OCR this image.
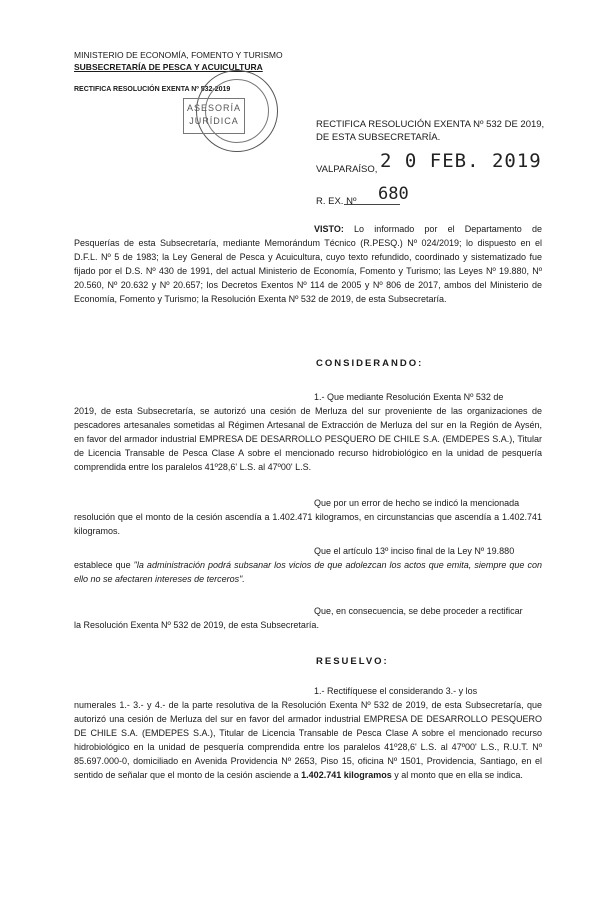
MINISTERIO DE ECONOMÍA, FOMENTO Y TURISMO
SUBSECRETARÍA DE PESCA Y ACUICULTURA
RECTIFICA RESOLUCIÓN EXENTA Nº 532-2019
ASESORÍA JURÍDICA	RECTIFICA RESOLUCIÓN EXENTA Nº 532 DE 2019, DE ESTA SUBSECRETARÍA.
VALPARAÍSO, 2 0 FEB. 2019
R. EX. Nº 680
VISTO: Lo informado por el Departamento de Pesquerías de esta Subsecretaría, mediante Memorándum Técnico (R.PESQ.) Nº 024/2019; lo dispuesto en el D.F.L. Nº 5 de 1983; la Ley General de Pesca y Acuicultura, cuyo texto refundido, coordinado y sistematizado fue fijado por el D.S. Nº 430 de 1991, del actual Ministerio de Economía, Fomento y Turismo; las Leyes Nº 19.880, Nº 20.560, Nº 20.632 y Nº 20.657; los Decretos Exentos Nº 114 de 2005 y Nº 806 de 2017, ambos del Ministerio de Economía, Fomento y Turismo; la Resolución Exenta Nº 532 de 2019, de esta Subsecretaría.
CONSIDERANDO:
1.- Que mediante Resolución Exenta Nº 532 de
2019, de esta Subsecretaría, se autorizó una cesión de Merluza del sur proveniente de las organizaciones de pescadores artesanales sometidas al Régimen Artesanal de Extracción de Merluza del sur en la Región de Aysén, en favor del armador industrial EMPRESA DE DESARROLLO PESQUERO DE CHILE S.A. (EMDEPES S.A.), Titular de Licencia Transable de Pesca Clase A sobre el mencionado recurso hidrobiológico en la unidad de pesquería comprendida entre los paralelos 41º28,6' L.S. al 47º00' L.S.
Que por un error de hecho se indicó la mencionada
resolución que el monto de la cesión ascendía a 1.402.471 kilogramos, en circunstancias que ascendía a 1.402.741 kilogramos.
Que el artículo 13º inciso final de la Ley Nº 19.880
establece que "la administración podrá subsanar los vicios de que adolezcan los actos que emita, siempre que con ello no se afectaren intereses de terceros".
Que, en consecuencia, se debe proceder a rectificar
la Resolución Exenta Nº 532 de 2019, de esta Subsecretaría.
RESUELVO:
1.- Rectifíquese el considerando 3.- y los
numerales 1.- 3.- y 4.- de la parte resolutiva de la Resolución Exenta Nº 532 de 2019, de esta Subsecretaría, que autorizó una cesión de Merluza del sur en favor del armador industrial EMPRESA DE DESARROLLO PESQUERO DE CHILE S.A. (EMDEPES S.A.), Titular de Licencia Transable de Pesca Clase A sobre el mencionado recurso hidrobiológico en la unidad de pesquería comprendida entre los paralelos 41º28,6' L.S. al 47º00' L.S., R.U.T. Nº 85.697.000-0, domiciliado en Avenida Providencia Nº 2653, Piso 15, oficina Nº 1501, Providencia, Santiago, en el sentido de señalar que el monto de la cesión asciende a 1.402.741 kilogramos y al monto que en ella se indica.
